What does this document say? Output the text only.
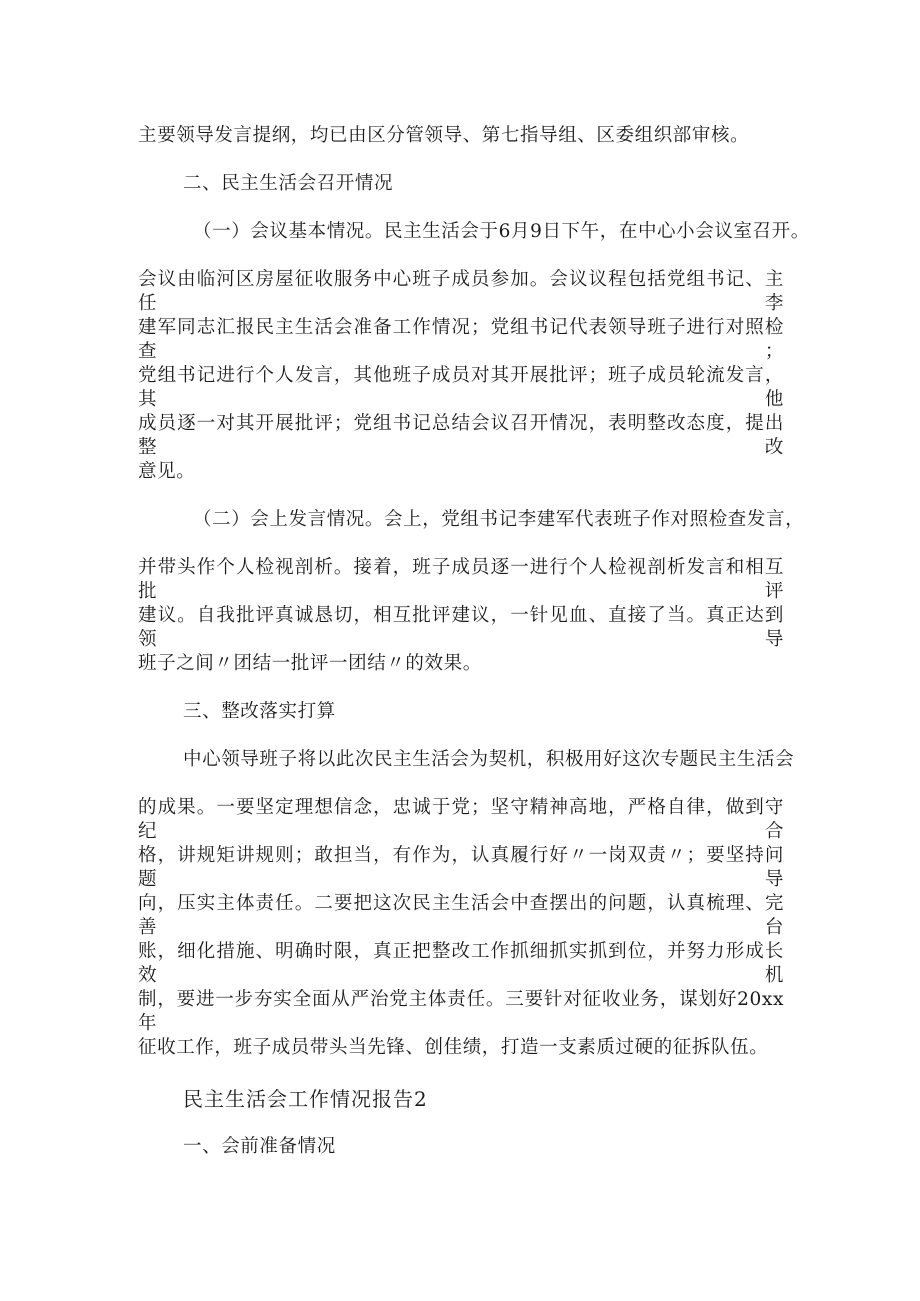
主要领导发言提纲，均已由区分管领导、第七指导组、区委组织部审核。
二、民主生活会召开情况
（一）会议基本情况。民主生活会于6月9日下午，在中心小会议室召开。
会议由临河区房屋征收服务中心班子成员参加。会议议程包括党组书记、主任李
建军同志汇报民主生活会准备工作情况；党组书记代表领导班子进行对照检查；
党组书记进行个人发言，其他班子成员对其开展批评；班子成员轮流发言，其他
成员逐一对其开展批评；党组书记总结会议召开情况，表明整改态度，提出整改
意见。
（二）会上发言情况。会上，党组书记李建军代表班子作对照检查发言，
并带头作个人检视剖析。接着，班子成员逐一进行个人检视剖析发言和相互批评
建议。自我批评真诚恳切，相互批评建议，一针见血、直接了当。真正达到领导
班子之间〃团结一批评一团结〃的效果。
三、整改落实打算
中心领导班子将以此次民主生活会为契机，积极用好这次专题民主生活会
的成果。一要坚定理想信念，忠诚于党；坚守精神高地，严格自律，做到守纪合
格，讲规矩讲规则；敢担当，有作为，认真履行好〃一岗双责〃；要坚持问题导
向，压实主体责任。二要把这次民主生活会中查摆出的问题，认真梳理、完善台
账，细化措施、明确时限，真正把整改工作抓细抓实抓到位，并努力形成长效机
制，要进一步夯实全面从严治党主体责任。三要针对征收业务，谋划好20xx年
征收工作，班子成员带头当先锋、创佳绩，打造一支素质过硬的征拆队伍。
民主生活会工作情况报告2
一、会前准备情况
